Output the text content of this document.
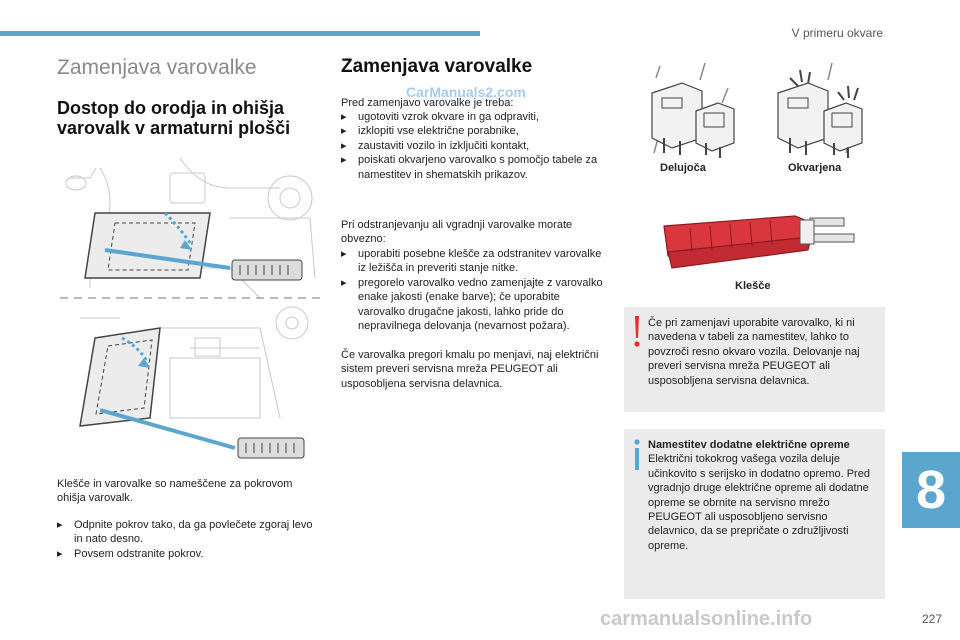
V primeru okvare
Zamenjava varovalke
Dostop do orodja in ohišja varovalk v armaturni plošči
Klešče in varovalke so nameščene za pokrovom ohišja varovalk.
▸ Odpnite pokrov tako, da ga povlečete zgoraj levo in nato desno.
▸ Povsem odstranite pokrov.
Zamenjava varovalke
CarManuals2.com
Pred zamenjavo varovalke je treba:
▸ ugotoviti vzrok okvare in ga odpraviti,
▸ izklopiti vse električne porabnike,
▸ zaustaviti vozilo in izključiti kontakt,
▸ poiskati okvarjeno varovalko s pomočjo tabele za namestitev in shematskih prikazov.
Pri odstranjevanju ali vgradnji varovalke morate obvezno:
▸ uporabiti posebne klešče za odstranitev varovalke iz ležišča in preveriti stanje nitke.
▸ pregorelo varovalko vedno zamenjajte z varovalko enake jakosti (enake barve); če uporabite varovalko drugačne jakosti, lahko pride do nepravilnega delovanja (nevarnost požara).
Če varovalka pregori kmalu po menjavi, naj električni sistem preveri servisna mreža PEUGEOT ali usposobljena servisna delavnica.
Delujoča	Okvarjena
Klešče
Če pri zamenjavi uporabite varovalko, ki ni navedena v tabeli za namestitev, lahko to povzroči resno okvaro vozila. Delovanje naj preveri servisna mreža PEUGEOT ali usposobljena servisna delavnica.
Namestitev dodatne električne opreme
Električni tokokrog vašega vozila deluje učinkovito s serijsko in dodatno opremo. Pred vgradnjo druge električne opreme ali dodatne opreme se obrnite na servisno mrežo PEUGEOT ali usposobljeno servisno delavnico, da se prepričate o združljivosti opreme.
8
carmanualsonline.info	227
